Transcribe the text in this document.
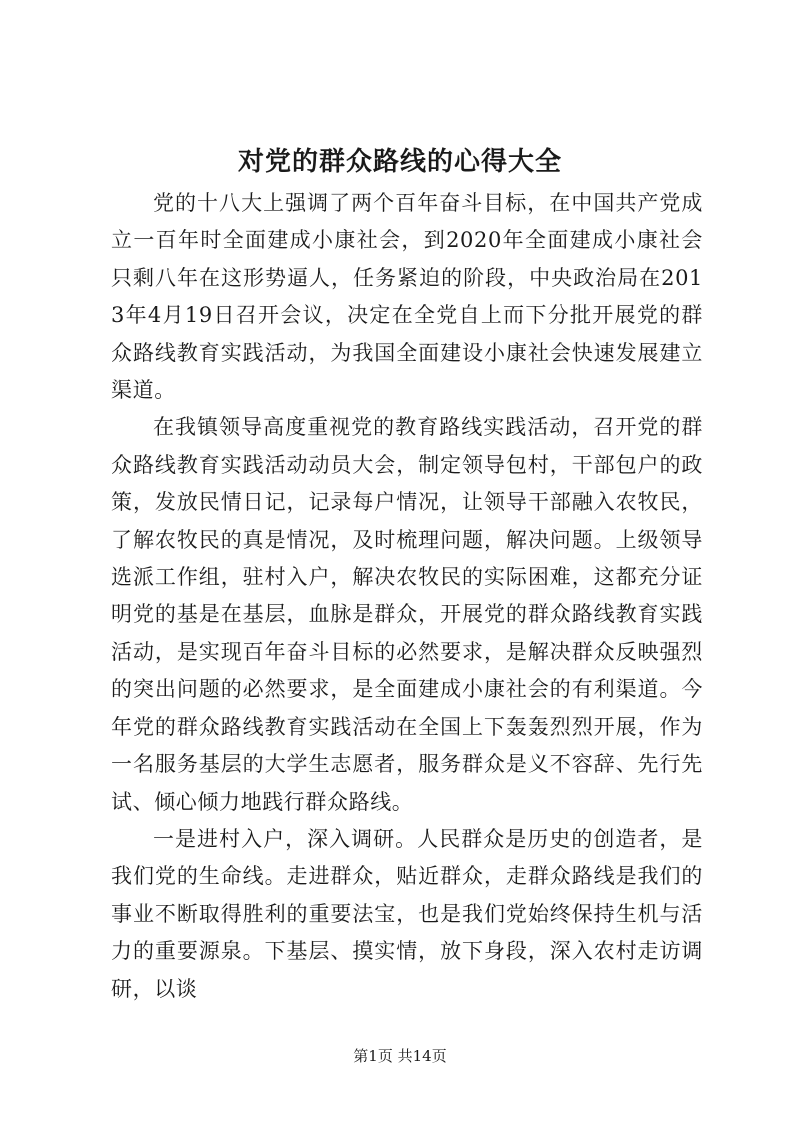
对党的群众路线的心得大全

党的十八大上强调了两个百年奋斗目标，在中国共产党成立一百年时全面建成小康社会，到2020年全面建成小康社会只剩八年在这形势逼人，任务紧迫的阶段，中央政治局在2013年4月19日召开会议，决定在全党自上而下分批开展党的群众路线教育实践活动，为我国全面建设小康社会快速发展建立渠道。

在我镇领导高度重视党的教育路线实践活动，召开党的群众路线教育实践活动动员大会，制定领导包村，干部包户的政策，发放民情日记，记录每户情况，让领导干部融入农牧民，了解农牧民的真是情况，及时梳理问题，解决问题。上级领导选派工作组，驻村入户，解决农牧民的实际困难，这都充分证明党的基是在基层，血脉是群众，开展党的群众路线教育实践活动，是实现百年奋斗目标的必然要求，是解决群众反映强烈的突出问题的必然要求，是全面建成小康社会的有利渠道。今年党的群众路线教育实践活动在全国上下轰轰烈烈开展，作为一名服务基层的大学生志愿者，服务群众是义不容辞、先行先试、倾心倾力地践行群众路线。

一是进村入户，深入调研。人民群众是历史的创造者，是我们党的生命线。走进群众，贴近群众，走群众路线是我们的事业不断取得胜利的重要法宝，也是我们党始终保持生机与活力的重要源泉。下基层、摸实情，放下身段，深入农村走访调研，以谈

第1页 共14页
